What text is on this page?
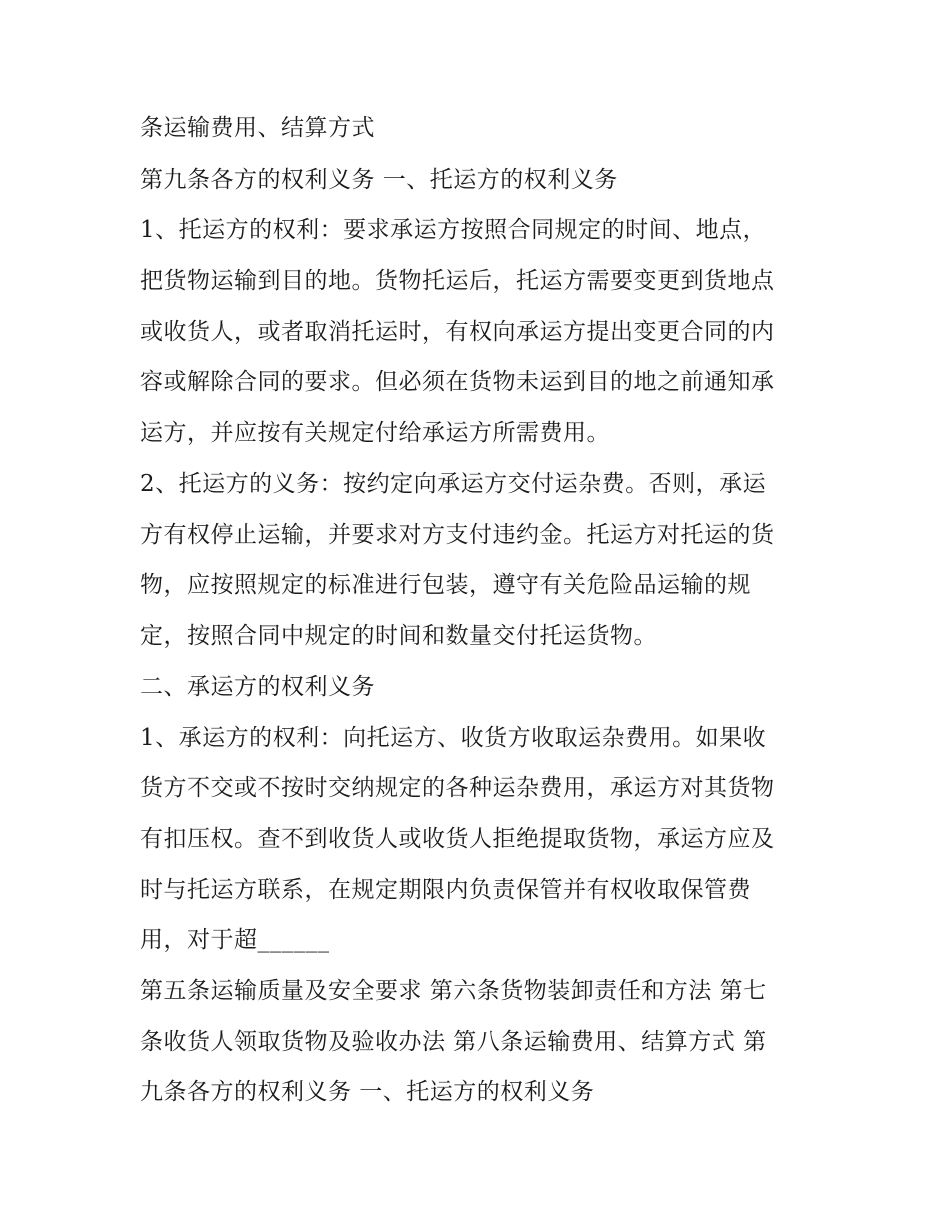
条运输费用、结算方式
第九条各方的权利义务 一、托运方的权利义务
1、托运方的权利：要求承运方按照合同规定的时间、地点，
把货物运输到目的地。货物托运后，托运方需要变更到货地点
或收货人，或者取消托运时，有权向承运方提出变更合同的内
容或解除合同的要求。但必须在货物未运到目的地之前通知承
运方，并应按有关规定付给承运方所需费用。
2、托运方的义务：按约定向承运方交付运杂费。否则，承运
方有权停止运输，并要求对方支付违约金。托运方对托运的货
物，应按照规定的标准进行包装，遵守有关危险品运输的规
定，按照合同中规定的时间和数量交付托运货物。
二、承运方的权利义务
1、承运方的权利：向托运方、收货方收取运杂费用。如果收
货方不交或不按时交纳规定的各种运杂费用，承运方对其货物
有扣压权。查不到收货人或收货人拒绝提取货物，承运方应及
时与托运方联系，在规定期限内负责保管并有权收取保管费
用，对于超______
第五条运输质量及安全要求 第六条货物装卸责任和方法 第七
条收货人领取货物及验收办法 第八条运输费用、结算方式 第
九条各方的权利义务 一、托运方的权利义务
